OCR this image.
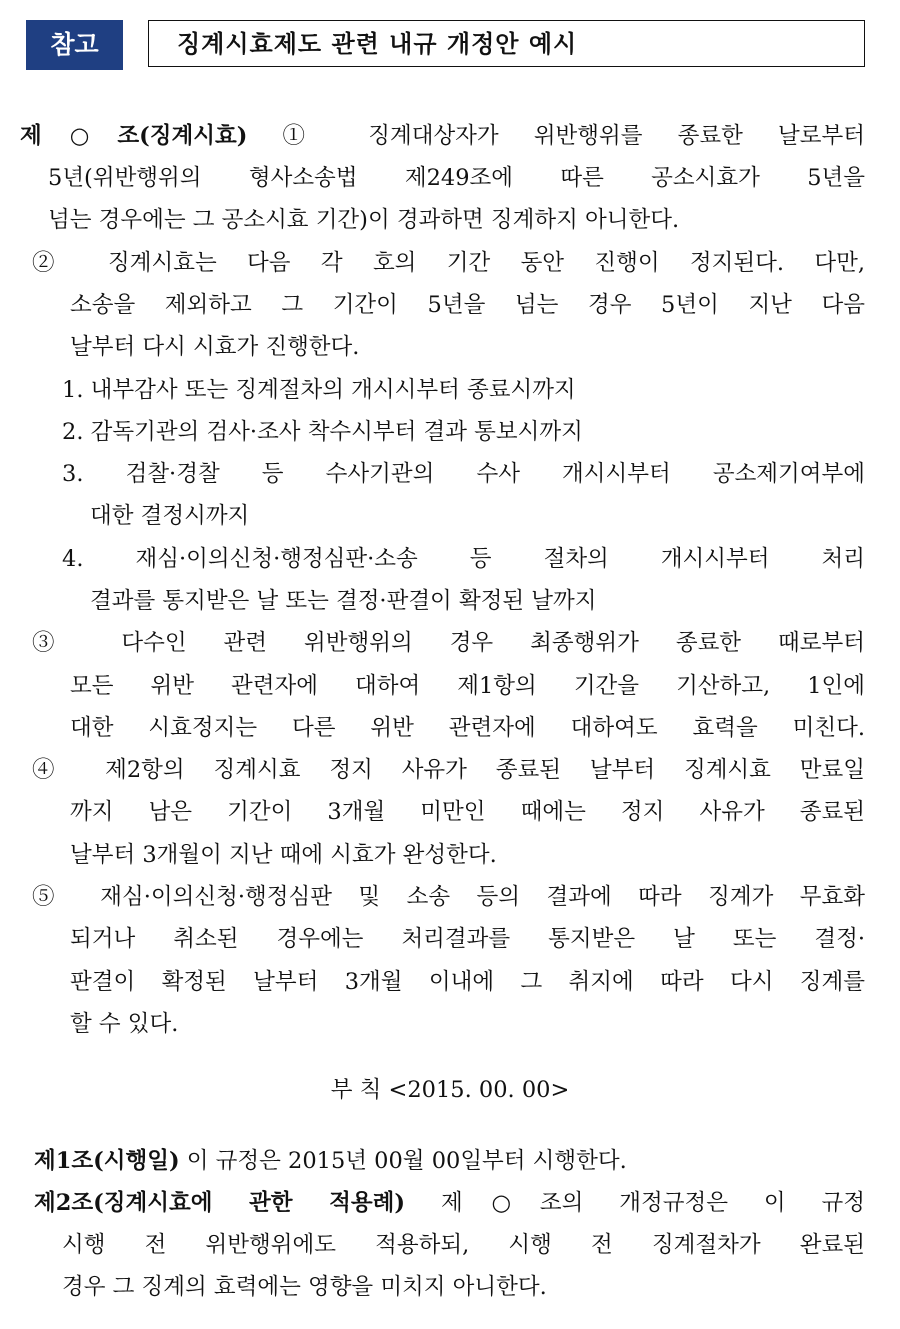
참고	징계시효제도 관련 내규 개정안 예시
제○조(징계시효) ① 징계대상자가 위반행위를 종료한 날로부터
5년(위반행위의 형사소송법 제249조에 따른 공소시효가 5년을
넘는 경우에는 그 공소시효 기간)이 경과하면 징계하지 아니한다.
② 징계시효는 다음 각 호의 기간 동안 진행이 정지된다. 다만,
소송을 제외하고 그 기간이 5년을 넘는 경우 5년이 지난 다음
날부터 다시 시효가 진행한다.
1. 내부감사 또는 징계절차의 개시시부터 종료시까지
2. 감독기관의 검사·조사 착수시부터 결과 통보시까지
3. 검찰·경찰 등 수사기관의 수사 개시시부터 공소제기여부에
대한 결정시까지
4. 재심·이의신청·행정심판·소송 등 절차의 개시시부터 처리
결과를 통지받은 날 또는 결정·판결이 확정된 날까지
③ 다수인 관련 위반행위의 경우 최종행위가 종료한 때로부터
모든 위반 관련자에 대하여 제1항의 기간을 기산하고, 1인에
대한 시효정지는 다른 위반 관련자에 대하여도 효력을 미친다.
④ 제2항의 징계시효 정지 사유가 종료된 날부터 징계시효 만료일
까지 남은 기간이 3개월 미만인 때에는 정지 사유가 종료된
날부터 3개월이 지난 때에 시효가 완성한다.
⑤ 재심·이의신청·행정심판 및 소송 등의 결과에 따라 징계가 무효화
되거나 취소된 경우에는 처리결과를 통지받은 날 또는 결정·
판결이 확정된 날부터 3개월 이내에 그 취지에 따라 다시 징계를
할 수 있다.
부 칙 <2015. 00. 00>
제1조(시행일) 이 규정은 2015년 00월 00일부터 시행한다.
제2조(징계시효에 관한 적용례) 제○조의 개정규정은 이 규정
시행 전 위반행위에도 적용하되, 시행 전 징계절차가 완료된
경우 그 징계의 효력에는 영향을 미치지 아니한다.
